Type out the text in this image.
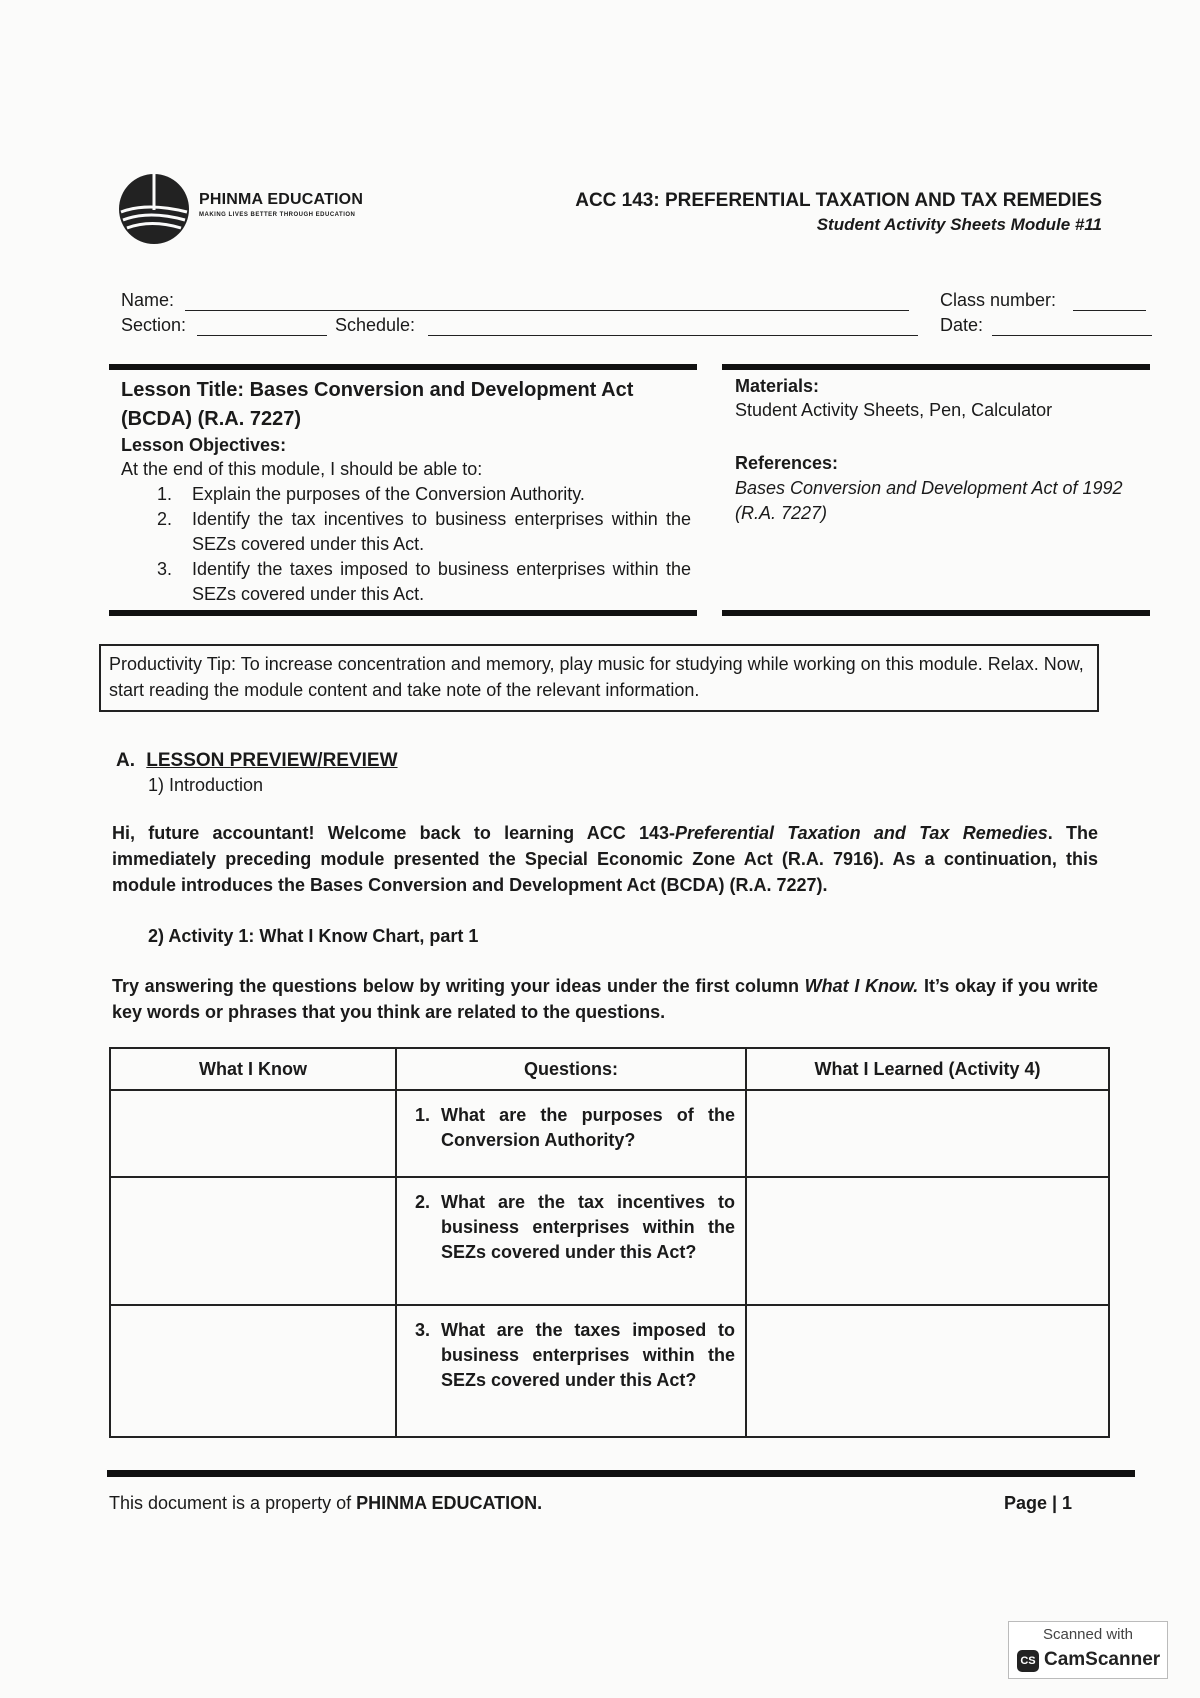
PHINMA EDUCATION
MAKING LIVES BETTER THROUGH EDUCATION
ACC 143: PREFERENTIAL TAXATION AND TAX REMEDIES
Student Activity Sheets Module #11
Name:	Class number:
Section:	Schedule:	Date:
Lesson Title: Bases Conversion and Development Act (BCDA) (R.A. 7227)
Lesson Objectives:
At the end of this module, I should be able to:
1. Explain the purposes of the Conversion Authority.
2. Identify the tax incentives to business enterprises within the SEZs covered under this Act.
3. Identify the taxes imposed to business enterprises within the SEZs covered under this Act.
Materials:
Student Activity Sheets, Pen, Calculator
References:
Bases Conversion and Development Act of 1992
(R.A. 7227)
Productivity Tip: To increase concentration and memory, play music for studying while working on this module. Relax. Now, start reading the module content and take note of the relevant information.
A. LESSON PREVIEW/REVIEW
1) Introduction
Hi, future accountant! Welcome back to learning ACC 143-Preferential Taxation and Tax Remedies. The immediately preceding module presented the Special Economic Zone Act (R.A. 7916). As a continuation, this module introduces the Bases Conversion and Development Act (BCDA) (R.A. 7227).
2) Activity 1: What I Know Chart, part 1
Try answering the questions below by writing your ideas under the first column What I Know. It’s okay if you write key words or phrases that you think are related to the questions.
What I Know	Questions:	What I Learned (Activity 4)

	1. What are the purposes of the Conversion Authority?	

	2. What are the tax incentives to business enterprises within the SEZs covered under this Act?	

	3. What are the taxes imposed to business enterprises within the SEZs covered under this Act?	

This document is a property of PHINMA EDUCATION.	Page | 1
Scanned with
CS CamScanner
